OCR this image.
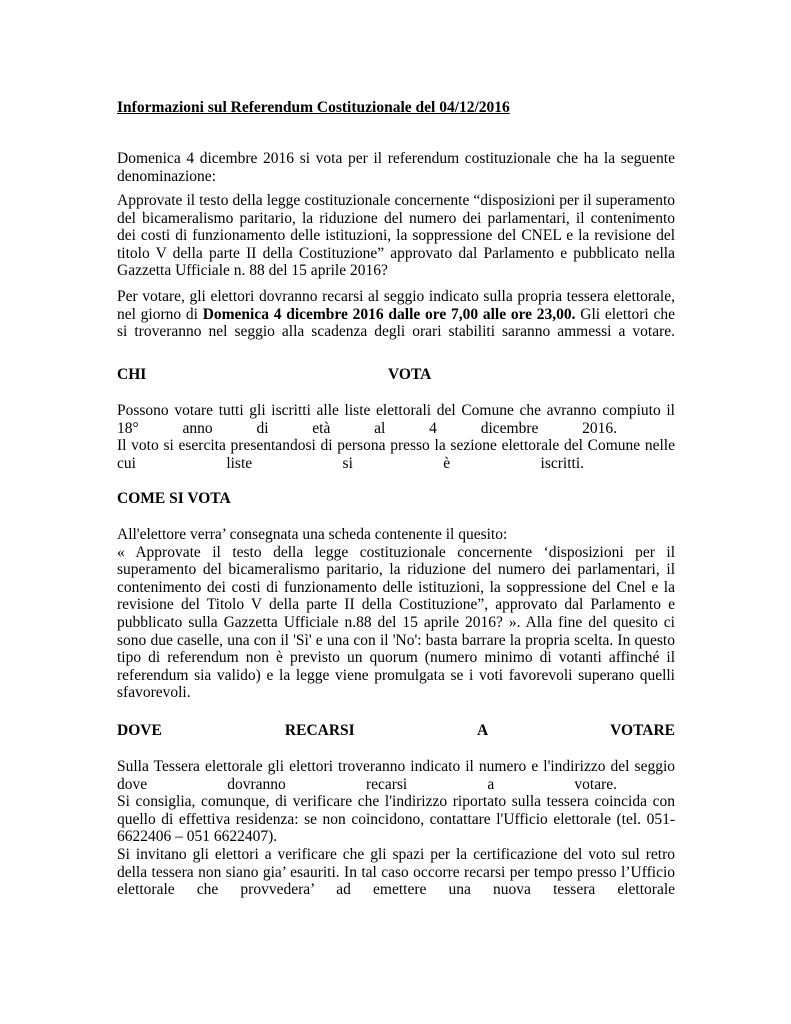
Informazioni sul Referendum Costituzionale del 04/12/2016
Domenica 4 dicembre 2016 si vota per il referendum costituzionale che ha la seguente
denominazione:
Approvate il testo della legge costituzionale concernente “disposizioni per il superamento
del bicameralismo paritario, la riduzione del numero dei parlamentari, il contenimento
dei costi di funzionamento delle istituzioni, la soppressione del CNEL e la revisione del
titolo V della parte II della Costituzione” approvato dal Parlamento e pubblicato nella
Gazzetta Ufficiale n. 88 del 15 aprile 2016?
Per votare, gli elettori dovranno recarsi al seggio indicato sulla propria tessera elettorale,
nel giorno di Domenica 4 dicembre 2016 dalle ore 7,00 alle ore 23,00. Gli elettori che
si troveranno nel seggio alla scadenza degli orari stabiliti saranno ammessi a votare.
CHI	VOTA
Possono votare tutti gli iscritti alle liste elettorali del Comune che avranno compiuto il
18°	anno	di	età	al	4	dicembre	2016.
Il voto si esercita presentandosi di persona presso la sezione elettorale del Comune nelle
cui	liste	si	è	iscritti.
COME SI VOTA
All'elettore verra’ consegnata una scheda contenente il quesito:
« Approvate il testo della legge costituzionale concernente ‘disposizioni per il
superamento del bicameralismo paritario, la riduzione del numero dei parlamentari, il
contenimento dei costi di funzionamento delle istituzioni, la soppressione del Cnel e la
revisione del Titolo V della parte II della Costituzione”, approvato dal Parlamento e
pubblicato sulla Gazzetta Ufficiale n.88 del 15 aprile 2016? ». Alla fine del quesito ci
sono due caselle, una con il 'Sì' e una con il 'No': basta barrare la propria scelta. In questo
tipo di referendum non è previsto un quorum (numero minimo di votanti affinché il
referendum sia valido) e la legge viene promulgata se i voti favorevoli superano quelli
sfavorevoli.
DOVE	RECARSI	A	VOTARE
Sulla Tessera elettorale gli elettori troveranno indicato il numero e l'indirizzo del seggio
dove	dovranno	recarsi	a	votare.
Si consiglia, comunque, di verificare che l'indirizzo riportato sulla tessera coincida con
quello di effettiva residenza: se non coincidono, contattare l'Ufficio elettorale (tel. 051-
6622406 – 051 6622407).
Si invitano gli elettori a verificare che gli spazi per la certificazione del voto sul retro
della tessera non siano gia’ esauriti. In tal caso occorre recarsi per tempo presso l’Ufficio
elettorale che provvedera’ ad emettere una nuova tessera elettorale
